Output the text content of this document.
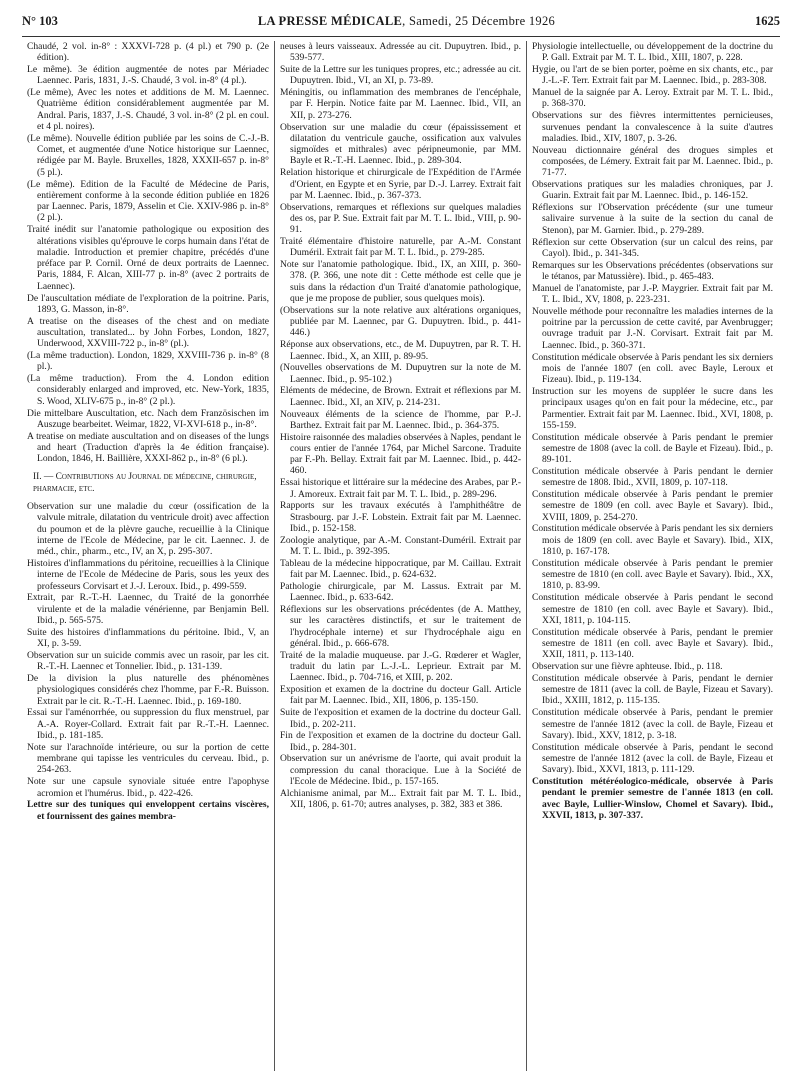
N° 103	LA PRESSE MÉDICALE, Samedi, 25 Décembre 1926	1625

Chaudé, 2 vol. in-8° : XXXVI-728 p. (4 pl.) et 790 p. (2e édition).

Le même). 3e édition augmentée de notes par Mériadec Laennec. Paris, 1831, J.-S. Chaudé, 3 vol. in-8° (4 pl.).

(Le même), Avec les notes et additions de M. M. Laennec. Quatrième édition considérablement augmentée par M. Andral. Paris, 1837, J.-S. Chaudé, 3 vol. in-8° (2 pl. en coul. et 4 pl. noires).

(Le même). Nouvelle édition publiée par les soins de C.-J.-B. Comet, et augmentée d'une Notice historique sur Laennec, rédigée par M. Bayle. Bruxelles, 1828, XXXII-657 p. in-8° (5 pl.).

(Le même). Edition de la Faculté de Médecine de Paris, entièrement conforme à la seconde édition publiée en 1826 par Laennec. Paris, 1879, Asselin et Cie. XXIV-986 p. in-8° (2 pl.).

Traité inédit sur l'anatomie pathologique ou exposition des altérations visibles qu'éprouve le corps humain dans l'état de maladie. Introduction et premier chapitre, précédés d'une préface par P. Cornil. Orné de deux portraits de Laennec. Paris, 1884, F. Alcan, XIII-77 p. in-8° (avec 2 portraits de Laennec).

De l'auscultation médiate de l'exploration de la poitrine. Paris, 1893, G. Masson, in-8°.

A treatise on the diseases of the chest and on mediate auscultation, translated... by John Forbes, London, 1827, Underwood, XXVIII-722 p., in-8° (pl.).

(La même traduction). London, 1829, XXVIII-736 p. in-8° (8 pl.).

(La même traduction). From the 4. London edition considerably enlarged and improved, etc. New-York, 1835, S. Wood, XLIV-675 p., in-8° (2 pl.).

Die mittelbare Auscultation, etc. Nach dem Französischen im Auszuge bearbeitet. Weimar, 1822, VI-XVI-618 p., in-8°.

A treatise on mediate auscultation and on diseases of the lungs and heart (Traduction d'après la 4e édition française). London, 1846, H. Baillière, XXXI-862 p., in-8° (6 pl.).

II. — Contributions au Journal de médecine, chirurgie, pharmacie, etc.

Observation sur une maladie du cœur (ossification de la valvule mitrale, dilatation du ventricule droit) avec affection du poumon et de la plèvre gauche, recueillie à la Clinique interne de l'Ecole de Médecine, par le cit. Laennec. J. de méd., chir., pharm., etc., IV, an X, p. 295-307.

Histoires d'inflammations du péritoine, recueillies à la Clinique interne de l'Ecole de Médecine de Paris, sous les yeux des professeurs Corvisart et J.-J. Leroux. Ibid., p. 499-559.

Extrait, par R.-T.-H. Laennec, du Traité de la gonorrhée virulente et de la maladie vénérienne, par Benjamin Bell. Ibid., p. 565-575.

Suite des histoires d'inflammations du péritoine. Ibid., V, an XI, p. 3-59.

Observation sur un suicide commis avec un rasoir, par les cit. R.-T.-H. Laennec et Tonnelier. Ibid., p. 131-139.

De la division la plus naturelle des phénomènes physiologiques considérés chez l'homme, par F.-R. Buisson. Extrait par le cit. R.-T.-H. Laennec. Ibid., p. 169-180.

Essai sur l'aménorrhée, ou suppression du flux menstruel, par A.-A. Royer-Collard. Extrait fait par R.-T.-H. Laennec. Ibid., p. 181-185.

Note sur l'arachnoïde intérieure, ou sur la portion de cette membrane qui tapisse les ventricules du cerveau. Ibid., p. 254-263.

Note sur une capsule synoviale située entre l'apophyse acromion et l'humérus. Ibid., p. 422-426.

Lettre sur des tuniques qui enveloppent certains viscères, et fournissent des gaines membra-

neuses à leurs vaisseaux. Adressée au cit. Dupuytren. Ibid., p. 539-577.

Suite de la Lettre sur les tuniques propres, etc.; adressée au cit. Dupuytren. Ibid., VI, an XI, p. 73-89.

Méningitis, ou inflammation des membranes de l'encéphale, par F. Herpin. Notice faite par M. Laennec. Ibid., VII, an XII, p. 273-276.

Observation sur une maladie du cœur (épaississement et dilatation du ventricule gauche, ossification aux valvules sigmoïdes et mithrales) avec péripneumonie, par MM. Bayle et R.-T.-H. Laennec. Ibid., p. 289-304.

Relation historique et chirurgicale de l'Expédition de l'Armée d'Orient, en Egypte et en Syrie, par D.-J. Larrey. Extrait fait par M. Laennec. Ibid., p. 367-373.

Observations, remarques et réflexions sur quelques maladies des os, par P. Sue. Extrait fait par M. T. L. Ibid., VIII, p. 90-91.

Traité élémentaire d'histoire naturelle, par A.-M. Constant Duméril. Extrait fait par M. T. L. Ibid., p. 279-285.

Note sur l'anatomie pathologique. Ibid., IX, an XIII, p. 360-378. (P. 366, une note dit : Cette méthode est celle que je suis dans la rédaction d'un Traité d'anatomie pathologique, que je me propose de publier, sous quelques mois).

(Observations sur la note relative aux altérations organiques, publiée par M. Laennec, par G. Dupuytren. Ibid., p. 441-446.)

Réponse aux observations, etc., de M. Dupuytren, par R. T. H. Laennec. Ibid., X, an XIII, p. 89-95.

(Nouvelles observations de M. Dupuytren sur la note de M. Laennec. Ibid., p. 95-102.)

Eléments de médecine, de Brown. Extrait et réflexions par M. Laennec. Ibid., XI, an XIV, p. 214-231.

Nouveaux éléments de la science de l'homme, par P.-J. Barthez. Extrait fait par M. Laennec. Ibid., p. 364-375.

Histoire raisonnée des maladies observées à Naples, pendant le cours entier de l'année 1764, par Michel Sarcone. Traduite par F.-Ph. Bellay. Extrait fait par M. Laennec. Ibid., p. 442-460.

Essai historique et littéraire sur la médecine des Arabes, par P.-J. Amoreux. Extrait fait par M. T. L. Ibid., p. 289-296.

Rapports sur les travaux exécutés à l'amphithéâtre de Strasbourg. par J.-F. Lobstein. Extrait fait par M. Laennec. Ibid., p. 152-158.

Zoologie analytique, par A.-M. Constant-Duméril. Extrait par M. T. L. Ibid., p. 392-395.

Tableau de la médecine hippocratique, par M. Caillau. Extrait fait par M. Laennec. Ibid., p. 624-632.

Pathologie chirurgicale, par M. Lassus. Extrait par M. Laennec. Ibid., p. 633-642.

Réflexions sur les observations précédentes (de A. Matthey, sur les caractères distinctifs, et sur le traitement de l'hydrocéphale interne) et sur l'hydrocéphale aigu en général. Ibid., p. 666-678.

Traité de la maladie muqueuse. par J.-G. Rœderer et Wagler, traduit du latin par L.-J.-L. Leprieur. Extrait par M. Laennec. Ibid., p. 704-716, et XIII, p. 202.

Exposition et examen de la doctrine du docteur Gall. Article fait par M. Laennec. Ibid., XII, 1806, p. 135-150.

Suite de l'exposition et examen de la doctrine du docteur Gall. Ibid., p. 202-211.

Fin de l'exposition et examen de la doctrine du docteur Gall. Ibid., p. 284-301.

Observation sur un anévrisme de l'aorte, qui avait produit la compression du canal thoracique. Lue à la Société de l'Ecole de Médecine. Ibid., p. 157-165.

Alchianisme animal, par M... Extrait fait par M. T. L. Ibid., XII, 1806, p. 61-70; autres analyses, p. 382, 383 et 386.

Physiologie intellectuelle, ou développement de la doctrine du P. Gall. Extrait par M. T. L. Ibid., XIII, 1807, p. 228.

Hygie, ou l'art de se bien porter, poème en six chants, etc., par J.-L.-F. Terr. Extrait fait par M. Laennec. Ibid., p. 283-308.

Manuel de la saignée par A. Leroy. Extrait par M. T. L. Ibid., p. 368-370.

Observations sur des fièvres intermittentes pernicieuses, survenues pendant la convalescence à la suite d'autres maladies. Ibid., XIV, 1807, p. 3-26.

Nouveau dictionnaire général des drogues simples et composées, de Lémery. Extrait fait par M. Laennec. Ibid., p. 71-77.

Observations pratiques sur les maladies chroniques, par J. Guarin. Extrait fait par M. Laennec. Ibid., p. 146-152.

Réflexions sur l'Observation précédente (sur une tumeur salivaire survenue à la suite de la section du canal de Stenon), par M. Garnier. Ibid., p. 279-289.

Réflexion sur cette Observation (sur un calcul des reins, par Cayol). Ibid., p. 341-345.

Remarques sur les Observations précédentes (observations sur le tétanos, par Matussière). Ibid., p. 465-483.

Manuel de l'anatomiste, par J.-P. Maygrier. Extrait fait par M. T. L. Ibid., XV, 1808, p. 223-231.

Nouvelle méthode pour reconnaître les maladies internes de la poitrine par la percussion de cette cavité, par Avenbrugger; ouvrage traduit par J.-N. Corvisart. Extrait fait par M. Laennec. Ibid., p. 360-371.

Constitution médicale observée à Paris pendant les six derniers mois de l'année 1807 (en coll. avec Bayle, Leroux et Fizeau). Ibid., p. 119-134.

Instruction sur les moyens de suppléer le sucre dans les principaux usages qu'on en fait pour la médecine, etc., par Parmentier. Extrait fait par M. Laennec. Ibid., XVI, 1808, p. 155-159.

Constitution médicale observée à Paris pendant le premier semestre de 1808 (avec la coll. de Bayle et Fizeau). Ibid., p. 89-101.

Constitution médicale observée à Paris pendant le dernier semestre de 1808. Ibid., XVII, 1809, p. 107-118.

Constitution médicale observée à Paris pendant le premier semestre de 1809 (en coll. avec Bayle et Savary). Ibid., XVIII, 1809, p. 254-270.

Constitution médicale observée à Paris pendant les six derniers mois de 1809 (en coll. avec Bayle et Savary). Ibid., XIX, 1810, p. 167-178.

Constitution médicale observée à Paris pendant le premier semestre de 1810 (en coll. avec Bayle et Savary). Ibid., XX, 1810, p. 83-99.

Constitution médicale observée à Paris pendant le second semestre de 1810 (en coll. avec Bayle et Savary). Ibid., XXI, 1811, p. 104-115.

Constitution médicale observée à Paris, pendant le premier semestre de 1811 (en coll. avec Bayle et Savary). Ibid., XXII, 1811, p. 113-140.

Observation sur une fièvre aphteuse. Ibid., p. 118.

Constitution médicale observée à Paris, pendant le dernier semestre de 1811 (avec la coll. de Bayle, Fizeau et Savary). Ibid., XXIII, 1812, p. 115-135.

Constitution médicale observée à Paris, pendant le premier semestre de l'année 1812 (avec la coll. de Bayle, Fizeau et Savary). Ibid., XXV, 1812, p. 3-18.

Constitution médicale observée à Paris, pendant le second semestre de l'année 1812 (avec la coll. de Bayle, Fizeau et Savary). Ibid., XXVI, 1813, p. 111-129.

Constitution météréologico-médicale, observée à Paris pendant le premier semestre de l'année 1813 (en coll. avec Bayle, Lullier-Winslow, Chomel et Savary). Ibid., XXVII, 1813, p. 307-337.
